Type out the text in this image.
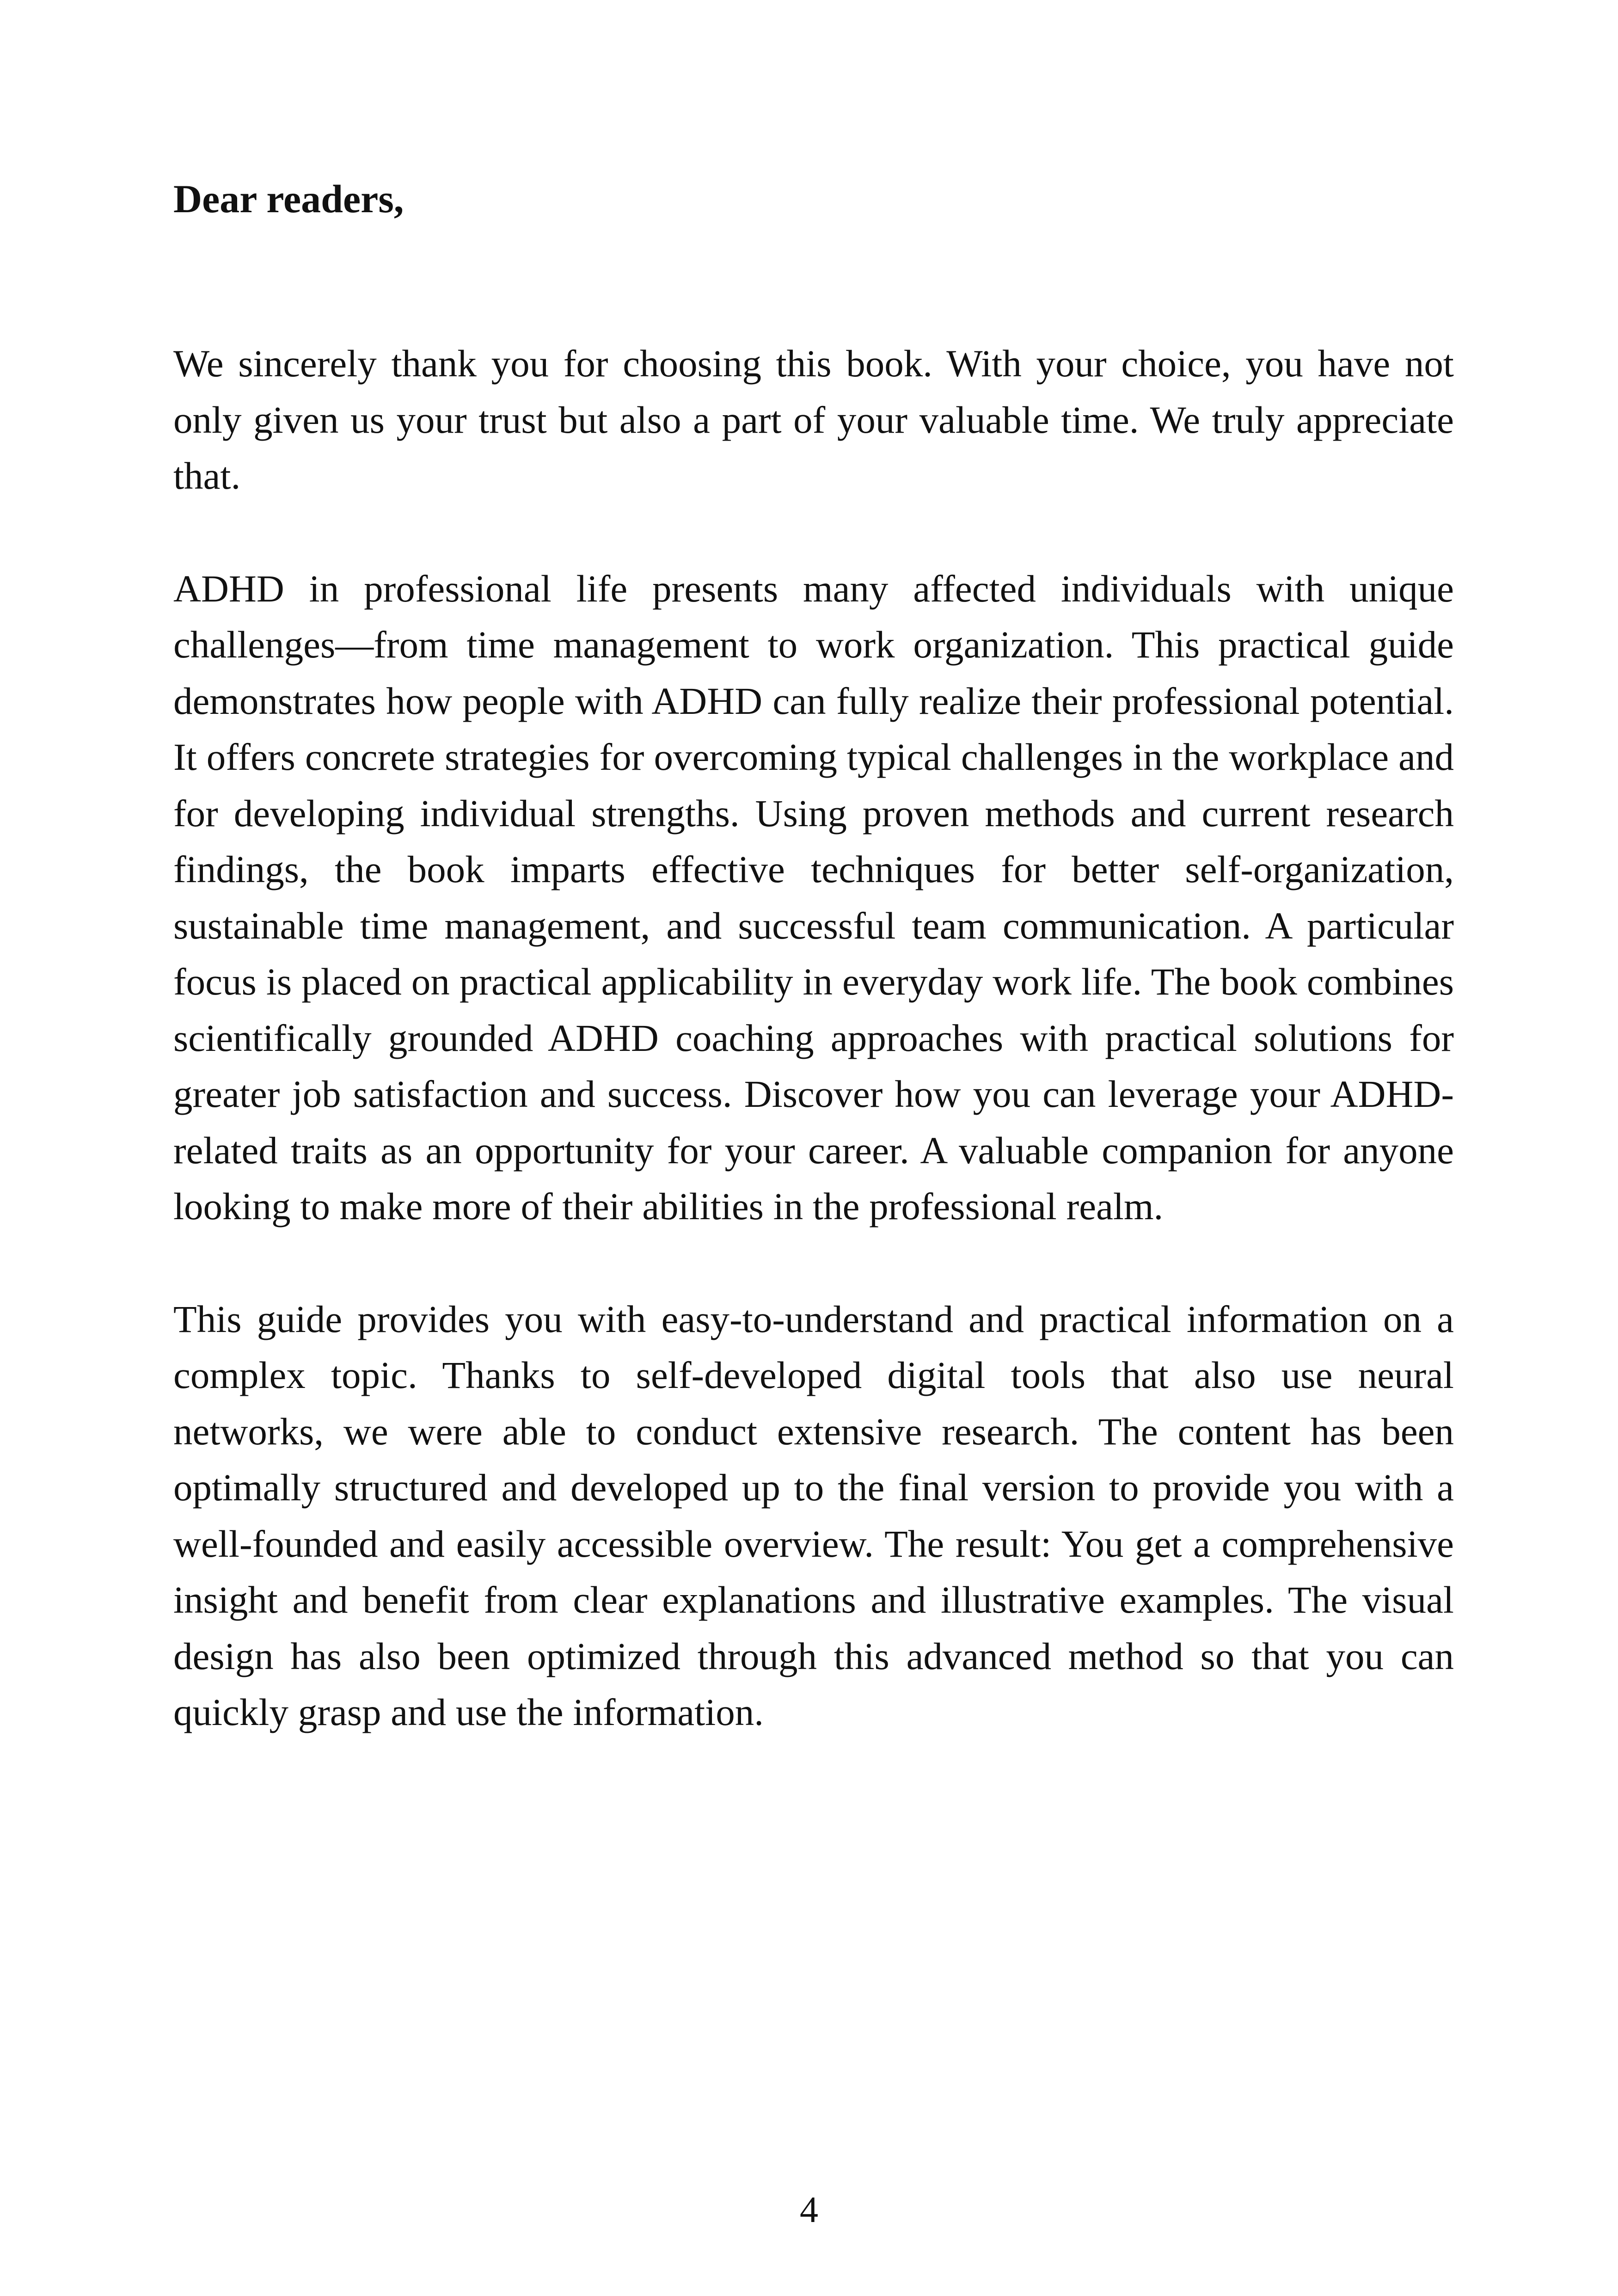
Dear readers,

We sincerely thank you for choosing this book. With your choice, you have not only given us your trust but also a part of your valuable time. We truly appreciate that.

ADHD in professional life presents many affected individuals with unique challenges—from time management to work organization. This practical guide demonstrates how people with ADHD can fully realize their professional potential. It offers concrete strategies for overcoming typical challenges in the workplace and for developing individual strengths. Using proven methods and current research findings, the book imparts effective techniques for better self-organization, sustainable time management, and successful team communication. A particular focus is placed on practical applicability in everyday work life. The book combines scientifically grounded ADHD coaching approaches with practical solutions for greater job satisfaction and success. Discover how you can leverage your ADHD-related traits as an opportunity for your career. A valuable companion for anyone looking to make more of their abilities in the professional realm.

This guide provides you with easy-to-understand and practical information on a complex topic. Thanks to self-developed digital tools that also use neural networks, we were able to conduct extensive research. The content has been optimally structured and developed up to the final version to provide you with a well-founded and easily accessible overview. The result: You get a comprehensive insight and benefit from clear explanations and illustrative examples. The visual design has also been optimized through this advanced method so that you can quickly grasp and use the information.

4
